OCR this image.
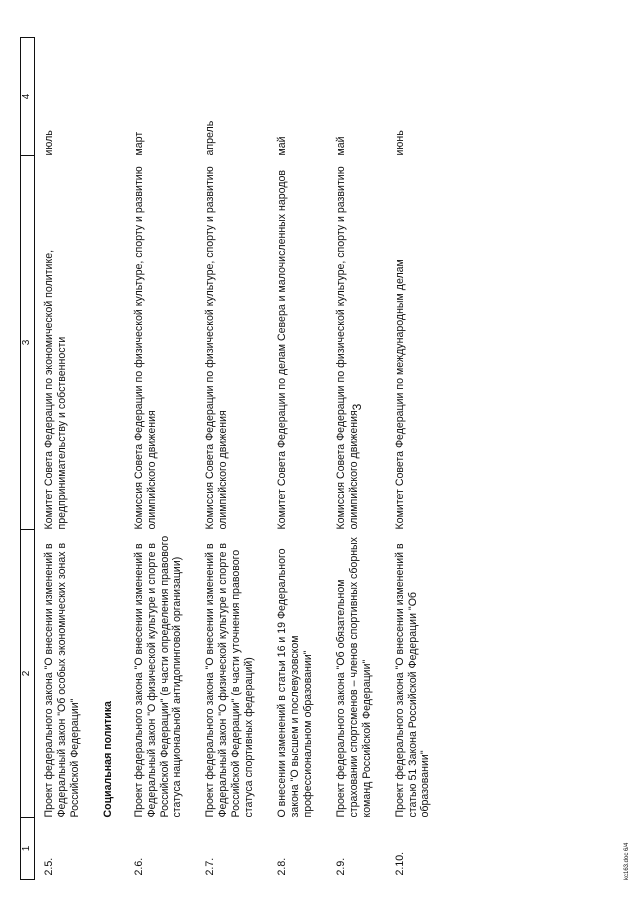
1	2	3	4
2.5.	Проект федерального закона "О внесении изменений в Федеральный закон "Об особых экономических зонах в Российской Федерации"	Комитет Совета Федерации по экономической политике, предпринимательству и собственности	июль
	Социальная политика		
2.6.	Проект федерального закона "О внесении изменений в Федеральный закон "О физической культуре и спорте в Российской Федерации" (в части определения правового статуса национальной антидопинговой организации)	Комиссия Совета Федерации по физической культуре, спорту и развитию олимпийского движения	март
2.7.	Проект федерального закона "О внесении изменений в Федеральный закон "О физической культуре и спорте в Российской Федерации" (в части уточнения правового статуса спортивных федераций)	Комиссия Совета Федерации по физической культуре, спорту и развитию олимпийского движения	апрель
2.8.	О внесении изменений в статьи 16 и 19 Федерального закона "О высшем и послевузовском профессиональном образовании"	Комитет Совета Федерации по делам Севера и малочисленных народов	май
2.9.	Проект федерального закона "Об обязательном страховании спортсменов – членов спортивных сборных команд Российской Федерации"	Комиссия Совета Федерации по физической культуре, спорту и развитию олимпийского движения	май
2.10.	Проект федерального закона "О внесении изменений в статью 51 Закона Российской Федерации "Об образовании"	Комитет Совета Федерации по международным делам	июнь
3
kc163.doc 6/4
